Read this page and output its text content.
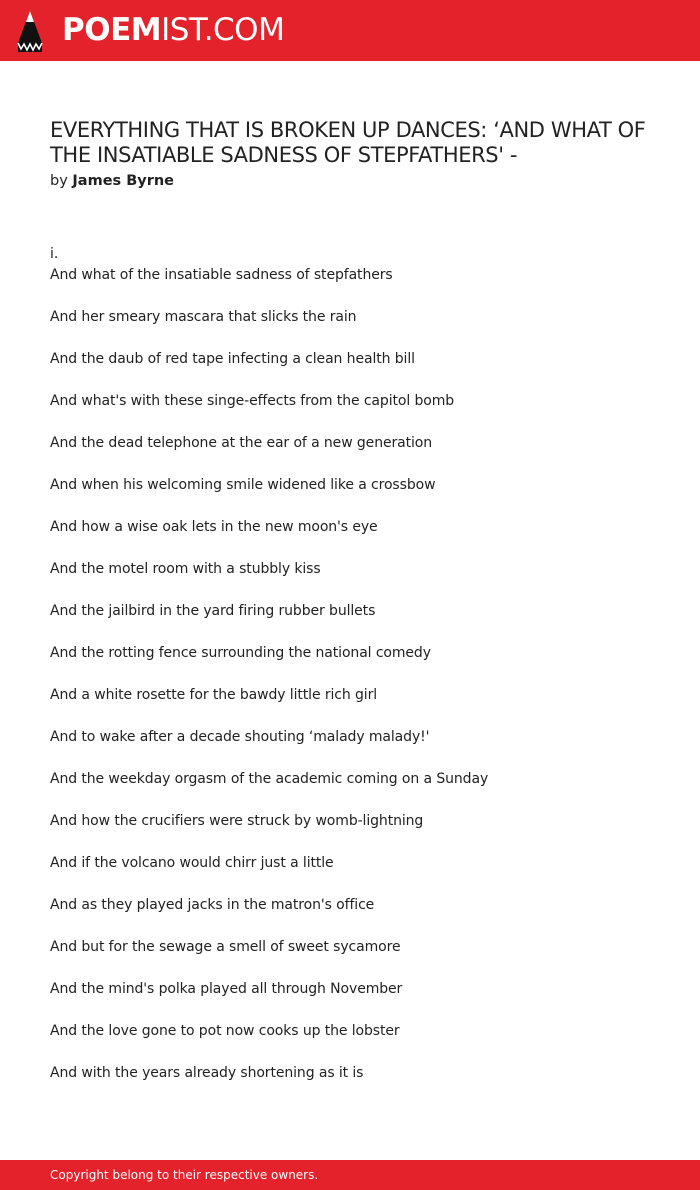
POEMIST.COM
EVERYTHING THAT IS BROKEN UP DANCES: ‘AND WHAT OF THE INSATIABLE SADNESS OF STEPFATHERS' -
by James Byrne
i.
And what of the insatiable sadness of stepfathers
And her smeary mascara that slicks the rain
And the daub of red tape infecting a clean health bill
And what's with these singe-effects from the capitol bomb
And the dead telephone at the ear of a new generation
And when his welcoming smile widened like a crossbow
And how a wise oak lets in the new moon's eye
And the motel room with a stubbly kiss
And the jailbird in the yard firing rubber bullets
And the rotting fence surrounding the national comedy
And a white rosette for the bawdy little rich girl
And to wake after a decade shouting ‘malady malady!'
And the weekday orgasm of the academic coming on a Sunday
And how the crucifiers were struck by womb-lightning
And if the volcano would chirr just a little
And as they played jacks in the matron's office
And but for the sewage a smell of sweet sycamore
And the mind's polka played all through November
And the love gone to pot now cooks up the lobster
And with the years already shortening as it is
Copyright belong to their respective owners.
